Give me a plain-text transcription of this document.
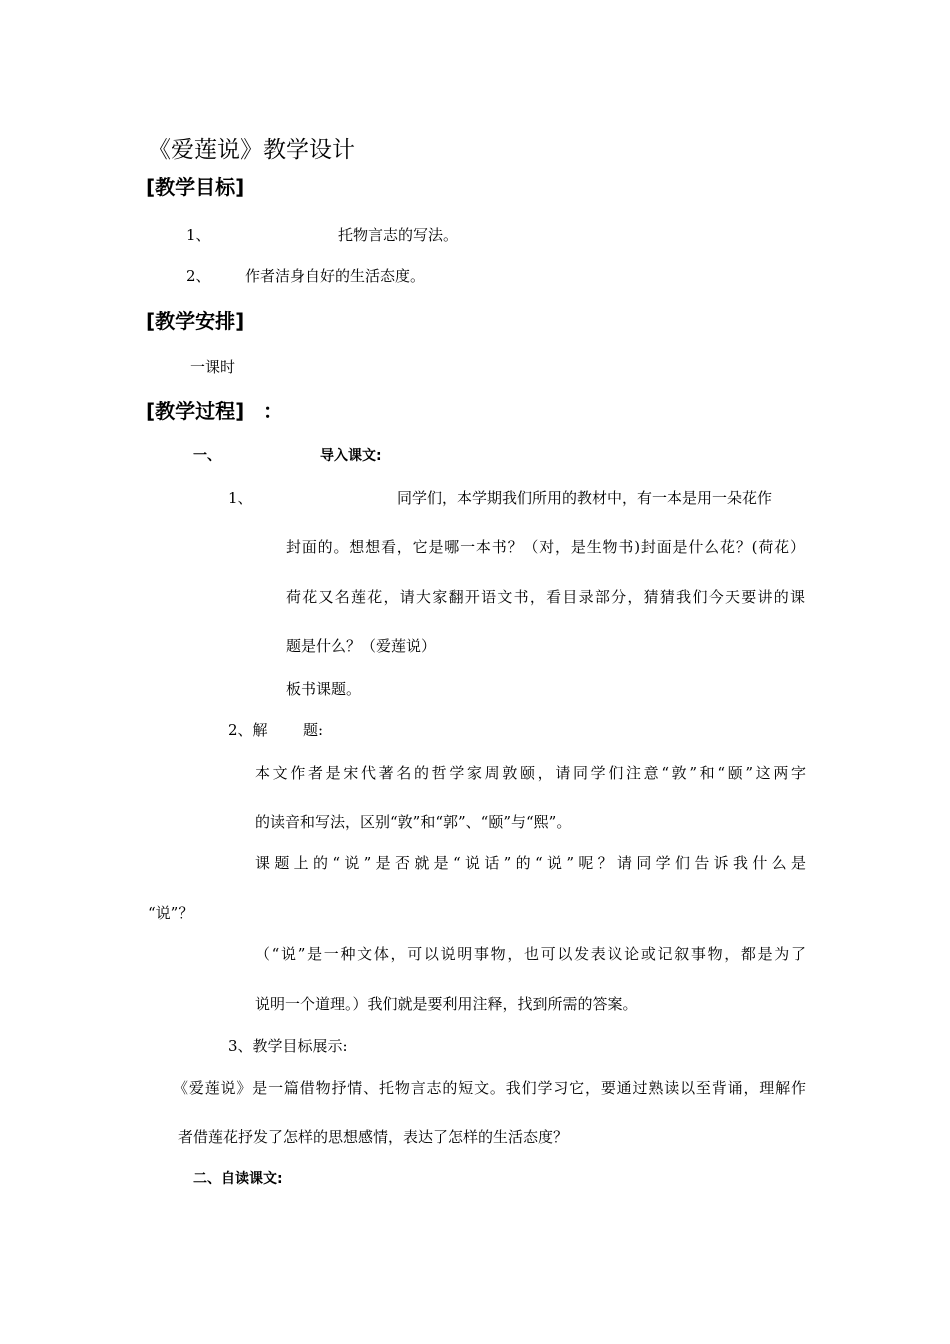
《爱莲说》教学设计
[教学目标]
1、	托物言志的写法。
2、 作者洁身自好的生活态度。
[教学安排]
一课时
[教学过程] ：
一、	导入课文:
1、	同学们，本学期我们所用的教材中，有一本是用一朵花作
封面的。想想看，它是哪一本书？（对，是生物书)封面是什么花？(荷花）
荷花又名莲花，请大家翻开语文书，看目录部分，猜猜我们今天要讲的课
题是什么？（爱莲说）
板书课题。
2、解 题:
本文作者是宋代著名的哲学家周敦颐，请同学们注意“敦”和“颐”这两字
的读音和写法，区别“敦”和“郭”、“颐”与“熙”。
课题上的“说”是否就是“说话”的“说”呢？请同学们告诉我什么是
“说”？
（“说”是一种文体，可以说明事物，也可以发表议论或记叙事物，都是为了
说明一个道理。）我们就是要利用注释，找到所需的答案。
3、教学目标展示:
《爱莲说》是一篇借物抒情、托物言志的短文。我们学习它，要通过熟读以至背诵，理解作
者借莲花抒发了怎样的思想感情，表达了怎样的生活态度？
二、自读课文:
